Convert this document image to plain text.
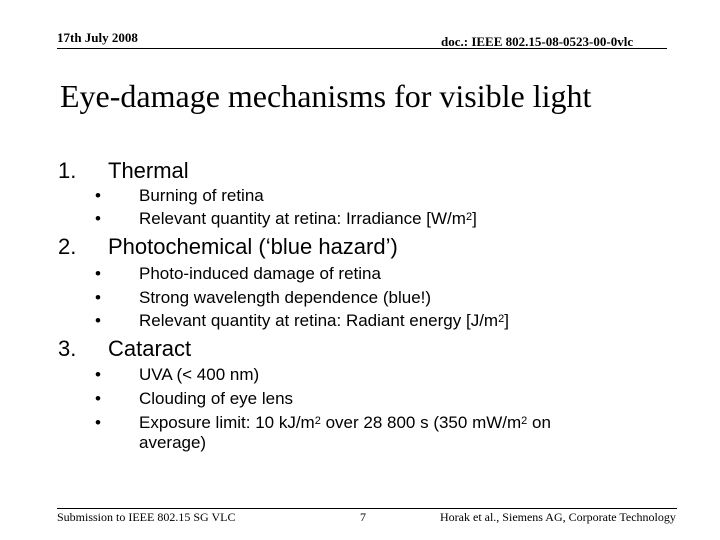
17th July 2008	doc.: IEEE 802.15-08-0523-00-0vlc
Eye-damage mechanisms for visible light
1. Thermal
• Burning of retina
• Relevant quantity at retina: Irradiance $[W/m^2]$
2. Photochemical (‘blue hazard’)
• Photo-induced damage of retina
• Strong wavelength dependence (blue!)
• Relevant quantity at retina: Radiant energy $[J/m^2]$
3. Cataract
• UVA (< 400 nm)
• Clouding of eye lens
• Exposure limit: 10 $kJ/m^2$ over 28 800 s (350 $mW/m^2$ on
average)
Submission to IEEE 802.15 SG VLC	7	Horak et al., Siemens AG, Corporate Technology
